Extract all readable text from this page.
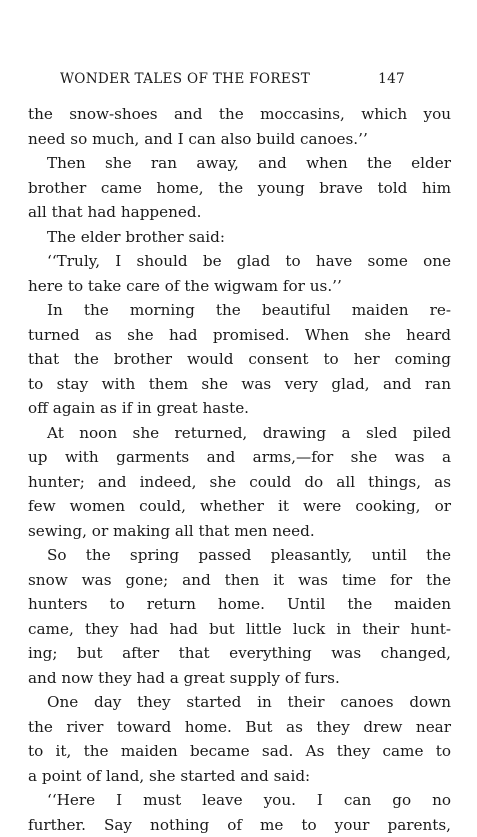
WONDER TALES OF THE FOREST	147
the snow-shoes and the moccasins, which you
need so much, and I can also build canoes.’’
Then she ran away, and when the elder
brother came home, the young brave told him
all that had happened.
The elder brother said:
‘‘Truly, I should be glad to have some one
here to take care of the wigwam for us.’’
In the morning the beautiful maiden re-
turned as she had promised. When she heard
that the brother would consent to her coming
to stay with them she was very glad, and ran
off again as if in great haste.
At noon she returned, drawing a sled piled
up with garments and arms,—for she was a
hunter; and indeed, she could do all things, as
few women could, whether it were cooking, or
sewing, or making all that men need.
So the spring passed pleasantly, until the
snow was gone; and then it was time for the
hunters to return home. Until the maiden
came, they had had but little luck in their hunt-
ing; but after that everything was changed,
and now they had a great supply of furs.
One day they started in their canoes down
the river toward home. But as they drew near
to it, the maiden became sad. As they came to
a point of land, she started and said:
‘‘Here I must leave you. I can go no
further. Say nothing of me to your parents,
